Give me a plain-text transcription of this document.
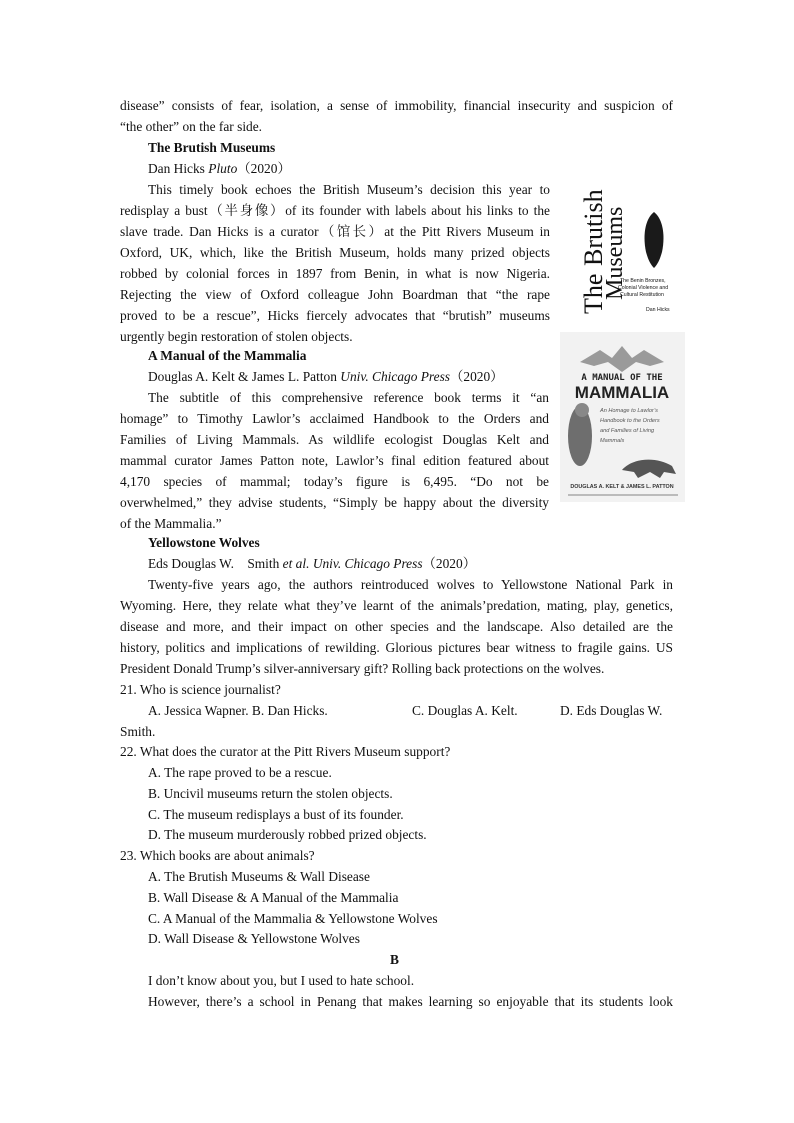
disease” consists of fear, isolation, a sense of immobility, financial insecurity and suspicion of
“the other” on the far side.
The Brutish Museums
Dan Hicks Pluto（2020）
This timely book echoes the British Museum’s decision this year to
redisplay a bust（半身像）of its founder with labels about his links to the
slave trade. Dan Hicks is a curator（馆长）at the Pitt Rivers Museum in
Oxford, UK, which, like the British Museum, holds many prized objects
robbed by colonial forces in 1897 from Benin, in what is now Nigeria.
Rejecting the view of Oxford colleague John Boardman that “the rape
proved to be a rescue”, Hicks fiercely advocates that “brutish” museums
urgently begin restoration of stolen objects.
The
Brutish
Museums
The Benin Bronzes,
Colonial Violence and
Cultural Restitution
Dan Hicks
A Manual of the Mammalia
Douglas A. Kelt & James L. Patton Univ. Chicago Press（2020）
The subtitle of this comprehensive reference book terms it “an
homage” to Timothy Lawlor’s acclaimed Handbook to the Orders and
Families of Living Mammals. As wildlife ecologist Douglas Kelt and
mammal curator James Patton note, Lawlor’s final edition featured about
4,170 species of mammal; today’s figure is 6,495. “Do not be
overwhelmed,” they advise students, “Simply be happy about the diversity
of the Mammalia.”
A MANUAL OF THE
MAMMALIA
An Homage to Lawlor’s
Handbook to the Orders
and Families of Living
Mammals
DOUGLAS A. KELT & JAMES L. PATTON
Yellowstone Wolves
Eds Douglas W.    Smith et al. Univ. Chicago Press（2020）
Twenty-five years ago, the authors reintroduced wolves to Yellowstone National Park in
Wyoming. Here, they relate what they’ve learnt of the animals’predation, mating, play, genetics,
disease and more, and their impact on other species and the landscape. Also detailed are the
history, politics and implications of rewilding. Glorious pictures bear witness to fragile gains. US
President Donald Trump’s silver-anniversary gift? Rolling back protections on the wolves.
21. Who is science journalist?
A. Jessica Wapner. B. Dan Hicks.	C. Douglas A. Kelt.	D. Eds Douglas W.
Smith.
22. What does the curator at the Pitt Rivers Museum support?
A. The rape proved to be a rescue.
B. Uncivil museums return the stolen objects.
C. The museum redisplays a bust of its founder.
D. The museum murderously robbed prized objects.
23. Which books are about animals?
A. The Brutish Museums & Wall Disease
B. Wall Disease & A Manual of the Mammalia
C. A Manual of the Mammalia & Yellowstone Wolves
D. Wall Disease & Yellowstone Wolves
B
I don’t know about you, but I used to hate school.
However, there’s a school in Penang that makes learning so enjoyable that its students look
